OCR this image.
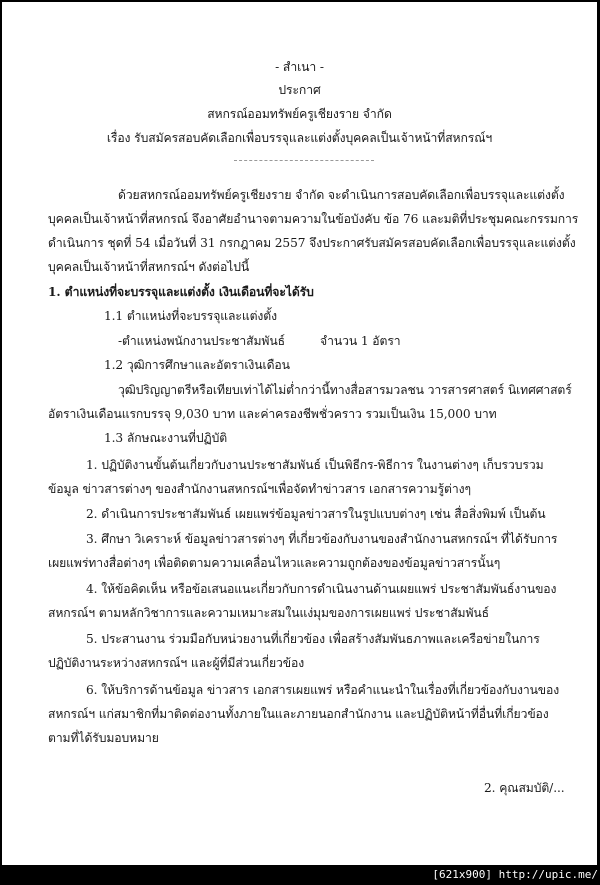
- สำเนา -
ประกาศ
สหกรณ์ออมทรัพย์ครูเชียงราย จำกัด
เรื่อง รับสมัครสอบคัดเลือกเพื่อบรรจุและแต่งตั้งบุคคลเป็นเจ้าหน้าที่สหกรณ์ฯ
ด้วยสหกรณ์ออมทรัพย์ครูเชียงราย จำกัด จะดำเนินการสอบคัดเลือกเพื่อบรรจุและแต่งตั้ง
บุคคลเป็นเจ้าหน้าที่สหกรณ์ จึงอาศัยอำนาจตามความในข้อบังคับ ข้อ 76 และมติที่ประชุมคณะกรรมการ
ดำเนินการ ชุดที่ 54 เมื่อวันที่ 31 กรกฎาคม 2557 จึงประกาศรับสมัครสอบคัดเลือกเพื่อบรรจุและแต่งตั้ง
บุคคลเป็นเจ้าหน้าที่สหกรณ์ฯ ดังต่อไปนี้
1. ตำแหน่งที่จะบรรจุและแต่งตั้ง เงินเดือนที่จะได้รับ
1.1 ตำแหน่งที่จะบรรจุและแต่งตั้ง
-ตำแหน่งพนักงานประชาสัมพันธ์	จำนวน 1 อัตรา
1.2 วุฒิการศึกษาและอัตราเงินเดือน
วุฒิปริญญาตรีหรือเทียบเท่าได้ไม่ต่ำกว่านี้ทางสื่อสารมวลชน วารสารศาสตร์ นิเทศศาสตร์
อัตราเงินเดือนแรกบรรจุ 9,030 บาท และค่าครองชีพชั่วคราว รวมเป็นเงิน 15,000 บาท
1.3 ลักษณะงานที่ปฏิบัติ
1. ปฏิบัติงานขั้นต้นเกี่ยวกับงานประชาสัมพันธ์ เป็นพิธีกร-พิธีการ ในงานต่างๆ เก็บรวบรวม
ข้อมูล ข่าวสารต่างๆ ของสำนักงานสหกรณ์ฯเพื่อจัดทำข่าวสาร เอกสารความรู้ต่างๆ
2. ดำเนินการประชาสัมพันธ์ เผยแพร่ข้อมูลข่าวสารในรูปแบบต่างๆ เช่น สื่อสิ่งพิมพ์ เป็นต้น
3. ศึกษา วิเคราะห์ ข้อมูลข่าวสารต่างๆ ที่เกี่ยวข้องกับงานของสำนักงานสหกรณ์ฯ ที่ได้รับการ
เผยแพร่ทางสื่อต่างๆ เพื่อติดตามความเคลื่อนไหวและความถูกต้องของข้อมูลข่าวสารนั้นๆ
4. ให้ข้อคิดเห็น หรือข้อเสนอแนะเกี่ยวกับการดำเนินงานด้านเผยแพร่ ประชาสัมพันธ์งานของ
สหกรณ์ฯ ตามหลักวิชาการและความเหมาะสมในแง่มุมของการเผยแพร่ ประชาสัมพันธ์
5. ประสานงาน ร่วมมือกับหน่วยงานที่เกี่ยวข้อง เพื่อสร้างสัมพันธภาพและเครือข่ายในการ
ปฏิบัติงานระหว่างสหกรณ์ฯ และผู้ที่มีส่วนเกี่ยวข้อง
6. ให้บริการด้านข้อมูล ข่าวสาร เอกสารเผยแพร่ หรือคำแนะนำในเรื่องที่เกี่ยวข้องกับงานของ
สหกรณ์ฯ แก่สมาชิกที่มาติดต่องานทั้งภายในและภายนอกสำนักงาน และปฏิบัติหน้าที่อื่นที่เกี่ยวข้อง
ตามที่ได้รับมอบหมาย
2. คุณสมบัติ/...
[621x900] http://upic.me/
